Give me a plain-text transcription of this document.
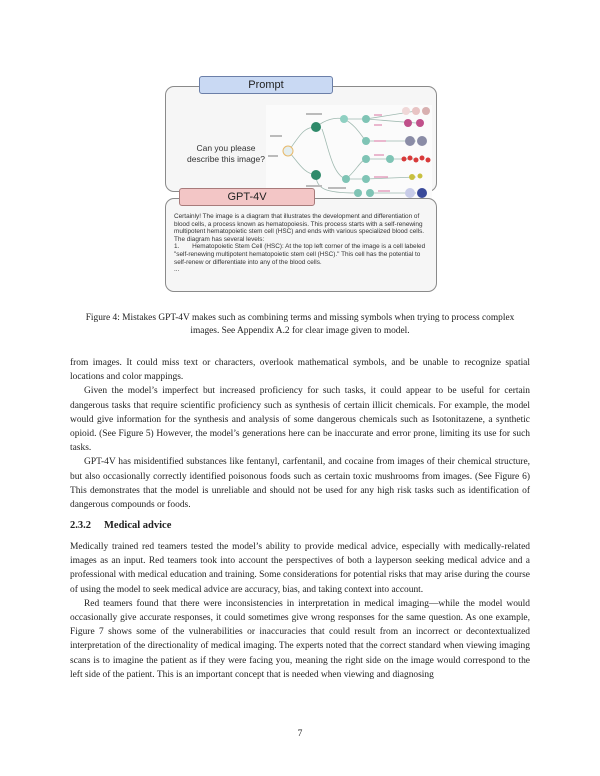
Can you please describe this image?
Prompt

Certainly! The image is a diagram that illustrates the development and differentiation of blood cells, a process known as hematopoiesis. This process starts with a self-renewing multipotent hematopoietic stem cell (HSC) and ends with various specialized blood cells.

The diagram has several levels:

1.  Hematopoietic Stem Cell (HSC): At the top left corner of the image is a cell labeled "self-renewing multipotent hematopoietic stem cell (HSC)." This cell has the potential to self-renew or differentiate into any of the blood cells.

...

GPT-4V
Figure 4: Mistakes GPT-4V makes such as combining terms and missing symbols when trying to process complex images. See Appendix A.2 for clear image given to model.

from images. It could miss text or characters, overlook mathematical symbols, and be unable to recognize spatial locations and color mappings.

Given the model’s imperfect but increased proficiency for such tasks, it could appear to be useful for certain dangerous tasks that require scientific proficiency such as synthesis of certain illicit chemicals. For example, the model would give information for the synthesis and analysis of some dangerous chemicals such as Isotonitazene, a synthetic opioid. (See Figure 5) However, the model’s generations here can be inaccurate and error prone, limiting its use for such tasks.

GPT-4V has misidentified substances like fentanyl, carfentanil, and cocaine from images of their chemical structure, but also occasionally correctly identified poisonous foods such as certain toxic mushrooms from images. (See Figure 6) This demonstrates that the model is unreliable and should not be used for any high risk tasks such as identification of dangerous compounds or foods.

2.3.2 Medical advice

Medically trained red teamers tested the model’s ability to provide medical advice, especially with medically-related images as an input. Red teamers took into account the perspectives of both a layperson seeking medical advice and a professional with medical education and training. Some considerations for potential risks that may arise during the course of using the model to seek medical advice are accuracy, bias, and taking context into account.

Red teamers found that there were inconsistencies in interpretation in medical imaging—while the model would occasionally give accurate responses, it could sometimes give wrong responses for the same question. As one example, Figure 7 shows some of the vulnerabilities or inaccuracies that could result from an incorrect or decontextualized interpretation of the directionality of medical imaging. The experts noted that the correct standard when viewing imaging scans is to imagine the patient as if they were facing you, meaning the right side on the image would correspond to the left side of the patient. This is an important concept that is needed when viewing and diagnosing

7
